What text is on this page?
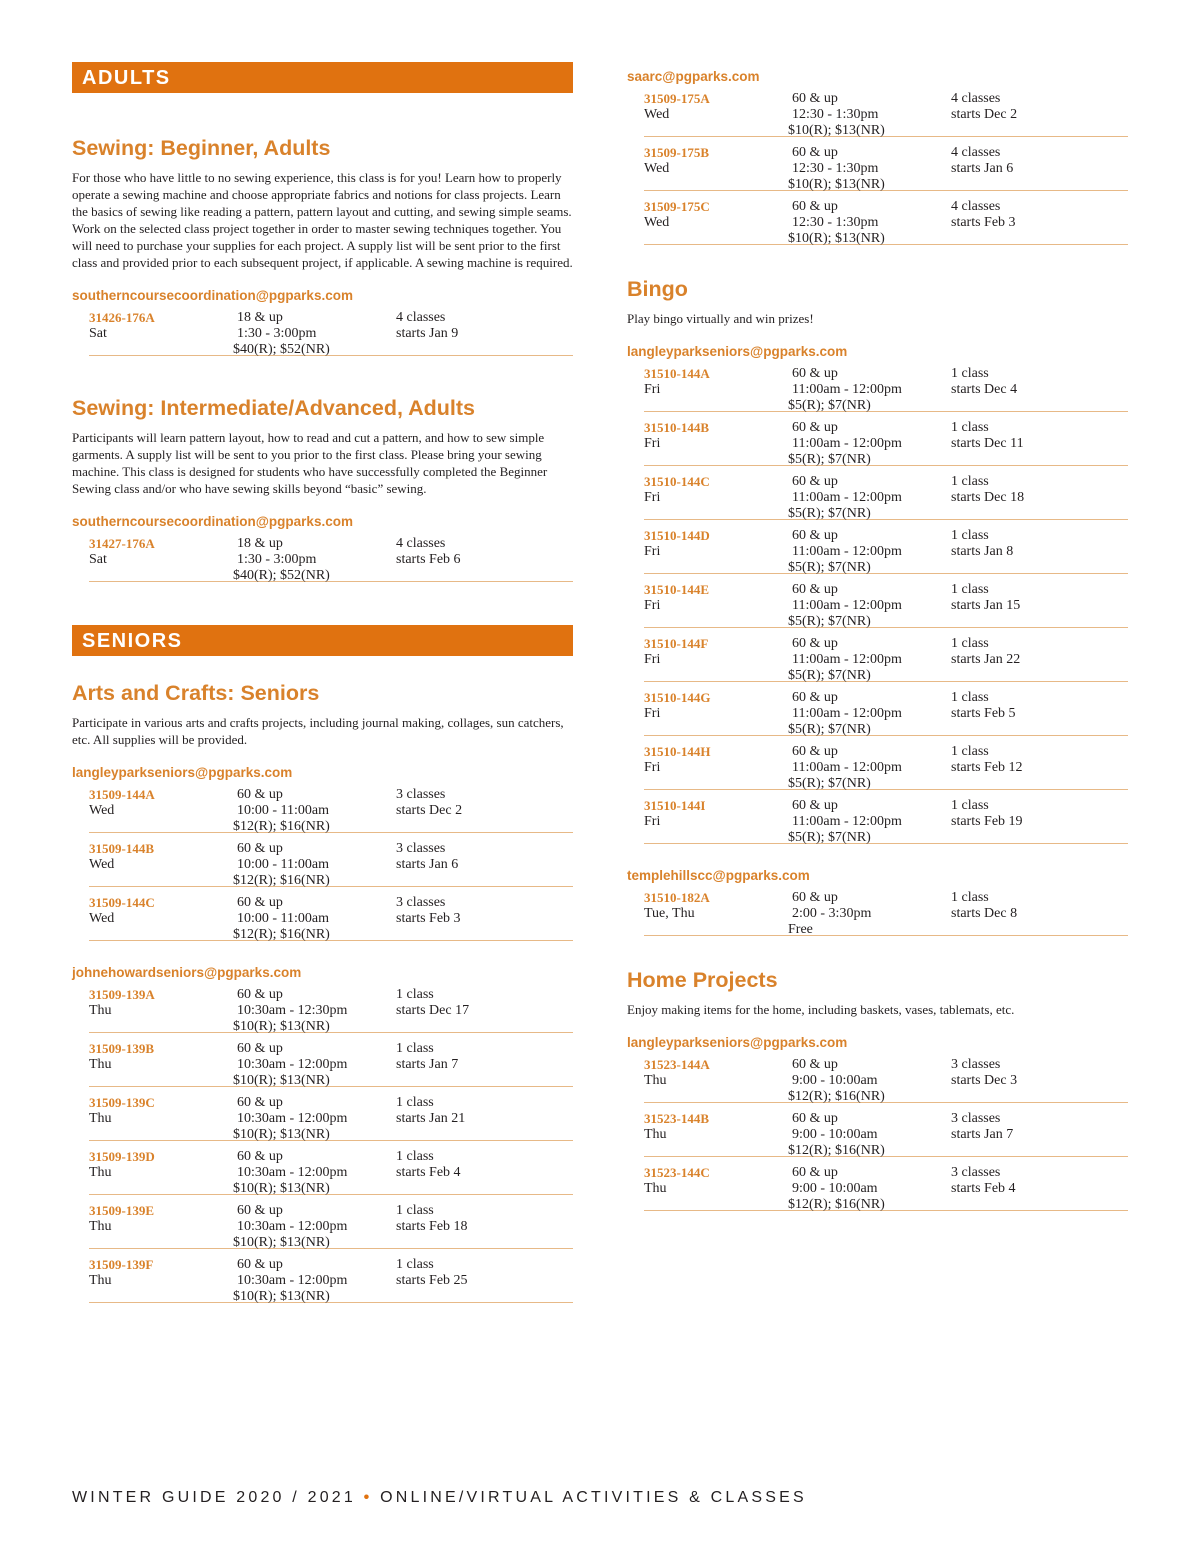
ADULTS
Sewing: Beginner, Adults

For those who have little to no sewing experience, this class is for you! Learn how to properly operate a sewing machine and choose appropriate fabrics and notions for class projects. Learn the basics of sewing like reading a pattern, pattern layout and cutting, and sewing simple seams. Work on the selected class project together in order to master sewing techniques together. You will need to purchase your supplies for each project. A supply list will be sent prior to the first class and provided prior to each subsequent project, if applicable. A sewing machine is required.

southerncoursecoordination@pgparks.com
31426-176A
Sat
18 & up
1:30 - 3:00pm
$40(R); $52(NR)
4 classes
starts Jan 9
Sewing: Intermediate/Advanced, Adults

Participants will learn pattern layout, how to read and cut a pattern, and how to sew simple garments. A supply list will be sent to you prior to the first class. Please bring your sewing machine. This class is designed for students who have successfully completed the Beginner Sewing class and/or who have sewing skills beyond “basic” sewing.

southerncoursecoordination@pgparks.com
31427-176A
Sat
18 & up
1:30 - 3:00pm
$40(R); $52(NR)
4 classes
starts Feb 6
SENIORS
Arts and Crafts: Seniors

Participate in various arts and crafts projects, including journal making, collages, sun catchers, etc. All supplies will be provided.

langleyparkseniors@pgparks.com
31509-144A
Wed
60 & up
10:00 - 11:00am
$12(R); $16(NR)
3 classes
starts Dec 2
31509-144B
Wed
60 & up
10:00 - 11:00am
$12(R); $16(NR)
3 classes
starts Jan 6
31509-144C
Wed
60 & up
10:00 - 11:00am
$12(R); $16(NR)
3 classes
starts Feb 3
johnehowardseniors@pgparks.com
31509-139A
Thu
60 & up
10:30am - 12:30pm
$10(R); $13(NR)
1 class
starts Dec 17
31509-139B
Thu
60 & up
10:30am - 12:00pm
$10(R); $13(NR)
1 class
starts Jan 7
31509-139C
Thu
60 & up
10:30am - 12:00pm
$10(R); $13(NR)
1 class
starts Jan 21
31509-139D
Thu
60 & up
10:30am - 12:00pm
$10(R); $13(NR)
1 class
starts Feb 4
31509-139E
Thu
60 & up
10:30am - 12:00pm
$10(R); $13(NR)
1 class
starts Feb 18
31509-139F
Thu
60 & up
10:30am - 12:00pm
$10(R); $13(NR)
1 class
starts Feb 25
saarc@pgparks.com
31509-175A
Wed
60 & up
12:30 - 1:30pm
$10(R); $13(NR)
4 classes
starts Dec 2
31509-175B
Wed
60 & up
12:30 - 1:30pm
$10(R); $13(NR)
4 classes
starts Jan 6
31509-175C
Wed
60 & up
12:30 - 1:30pm
$10(R); $13(NR)
4 classes
starts Feb 3
Bingo

Play bingo virtually and win prizes!

langleyparkseniors@pgparks.com
31510-144A
Fri
60 & up
11:00am - 12:00pm
$5(R); $7(NR)
1 class
starts Dec 4
31510-144B
Fri
60 & up
11:00am - 12:00pm
$5(R); $7(NR)
1 class
starts Dec 11
31510-144C
Fri
60 & up
11:00am - 12:00pm
$5(R); $7(NR)
1 class
starts Dec 18
31510-144D
Fri
60 & up
11:00am - 12:00pm
$5(R); $7(NR)
1 class
starts Jan 8
31510-144E
Fri
60 & up
11:00am - 12:00pm
$5(R); $7(NR)
1 class
starts Jan 15
31510-144F
Fri
60 & up
11:00am - 12:00pm
$5(R); $7(NR)
1 class
starts Jan 22
31510-144G
Fri
60 & up
11:00am - 12:00pm
$5(R); $7(NR)
1 class
starts Feb 5
31510-144H
Fri
60 & up
11:00am - 12:00pm
$5(R); $7(NR)
1 class
starts Feb 12
31510-144I
Fri
60 & up
11:00am - 12:00pm
$5(R); $7(NR)
1 class
starts Feb 19
templehillscc@pgparks.com
31510-182A
Tue, Thu
60 & up
2:00 - 3:30pm
Free
1 class
starts Dec 8
Home Projects

Enjoy making items for the home, including baskets, vases, tablemats, etc.

langleyparkseniors@pgparks.com
31523-144A
Thu
60 & up
9:00 - 10:00am
$12(R); $16(NR)
3 classes
starts Dec 3
31523-144B
Thu
60 & up
9:00 - 10:00am
$12(R); $16(NR)
3 classes
starts Jan 7
31523-144C
Thu
60 & up
9:00 - 10:00am
$12(R); $16(NR)
3 classes
starts Feb 4
WINTER GUIDE 2020 / 2021 • ONLINE/VIRTUAL ACTIVITIES & CLASSES
